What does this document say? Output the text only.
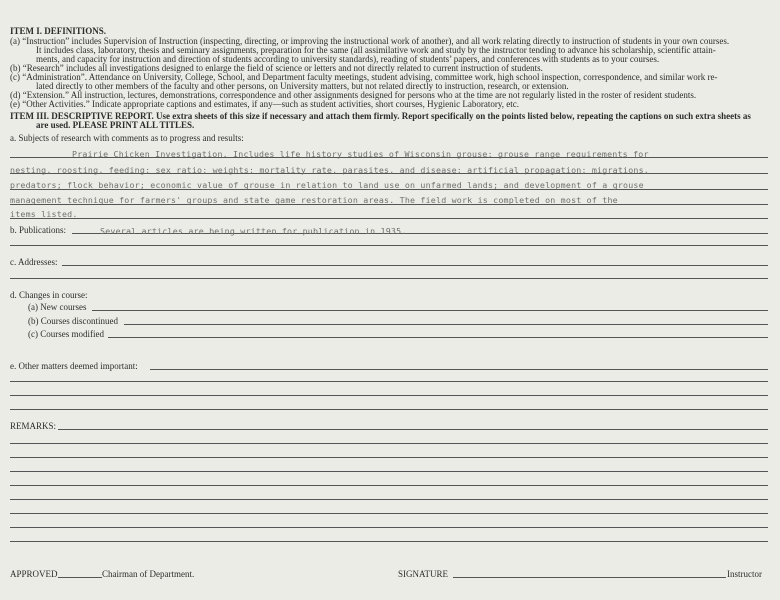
ITEM I. DEFINITIONS.
(a) “Instruction” includes Supervision of Instruction (inspecting, directing, or improving the instructional work of another), and all work relating directly to instruction of students in your own courses.
It includes class, laboratory, thesis and seminary assignments, preparation for the same (all assimilative work and study by the instructor tending to advance his scholarship, scientific attain-
ments, and capacity for instruction and direction of students according to university standards), reading of students’ papers, and conferences with students as to your courses.
(b) “Research” includes all investigations designed to enlarge the field of science or letters and not directly related to current instruction of students.
(c) “Administration”. Attendance on University, College, School, and Department faculty meetings, student advising, committee work, high school inspection, correspondence, and similar work re-
lated directly to other members of the faculty and other persons, on University matters, but not related directly to instruction, research, or extension.
(d) “Extension.” All instruction, lectures, demonstrations, correspondence and other assignments designed for persons who at the time are not regularly listed in the roster of resident students.
(e) “Other Activities.” Indicate appropriate captions and estimates, if any—such as student activities, short courses, Hygienic Laboratory, etc.
ITEM III. DESCRIPTIVE REPORT. Use extra sheets of this size if necessary and attach them firmly. Report specifically on the points listed below, repeating the captions on such extra sheets as
are used. PLEASE PRINT ALL TITLES.
a. Subjects of research with comments as to progress and results:
Prairie Chicken Investigation. Includes life history studies of Wisconsin grouse; grouse range requirements for
nesting, roosting, feeding; sex ratio; weights; mortality rate, parasites, and disease; artificial propagation; migrations,
predators; flock behavior; economic value of grouse in relation to land use on unfarmed lands; and development of a grouse
management technique for farmers' groups and state game restoration areas. The field work is completed on most of the
items listed.
b. Publications:	Several articles are being written for publication in 1935.
c. Addresses:
d. Changes in course:
(a) New courses
(b) Courses discontinued
(c) Courses modified
e. Other matters deemed important:
REMARKS:
APPROVED	Chairman of Department.	SIGNATURE	Instructor
